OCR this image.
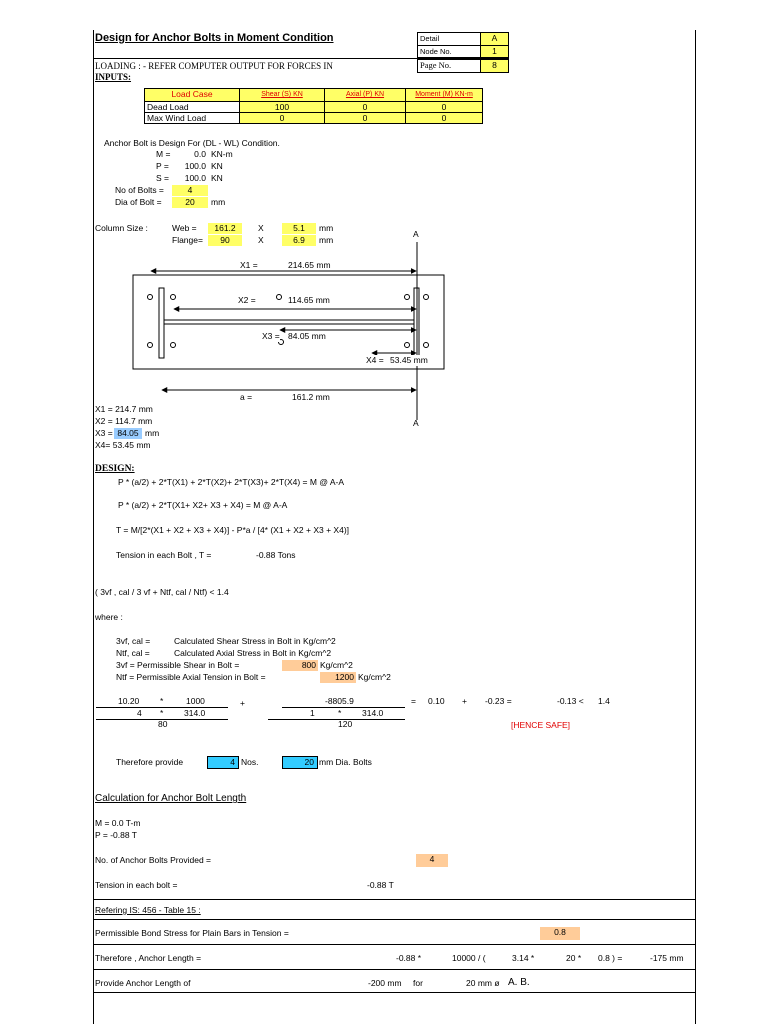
Design for Anchor Bolts in Moment Condition	Detail	A
Node No.	1
Page No.	8
LOADING : - REFER COMPUTER OUTPUT FOR FORCES IN
INPUTS:
Load Case	Shear (S) KN	Axial (P) KN	Moment (M) KN-m
Dead Load	100	0	0
Max Wind Load	0	0	0
Anchor Bolt is Design For (DL - WL) Condition.
M =	0.0 KN-m
P =	100.0 KN
S =	100.0 KN
No of Bolts =	4
Dia of Bolt =	20	mm
Column Size :	Web =	161.2	X	5.1	mm
Flange=	90	X	6.9	mm
A
X1 =	214.65 mm
X2 =	114.65 mm
X3 = 84.05 mm
X4 = 53.45 mm
a =	161.2 mm
A
X1 = 214.7 mm
X2 = 114.7 mm
X3 = 84.05 mm
X4= 53.45 mm
DESIGN:
P * (a/2) + 2*T(X1) + 2*T(X2)+ 2*T(X3)+ 2*T(X4) = M @ A-A
P * (a/2) + 2*T(X1+ X2+ X3 + X4) = M @ A-A
T = M/[2*(X1 + X2 + X3 + X4)] - P*a / [4* (X1 + X2 + X3 + X4)]
Tension in each Bolt , T =	-0.88 Tons
( 3vf , cal / 3 vf + Ntf, cal / Ntf) < 1.4
where :
3vf, cal =	Calculated Shear Stress in Bolt in Kg/cm^2
Ntf, cal =	Calculated Axial Stress in Bolt in Kg/cm^2
3vf = Permissible Shear in Bolt =	800 Kg/cm^2
Ntf = Permissible Axial Tension in Bolt =	1200 Kg/cm^2
10.20 *	1000
4 * 314.0
80
+	-8805.9
1	* 314.0
120
= 0.10 + -0.23 =	-0.13 < 1.4
[HENCE SAFE]
Therefore provide	4 Nos.	20 mm Dia. Bolts
Calculation for Anchor Bolt Length
M = 0.0 T-m
P = -0.88 T
No. of Anchor Bolts Provided =	4
Tension in each bolt =	-0.88 T
Refering IS: 456 - Table 15 :
Permissible Bond Stress for Plain Bars in Tension =	0.8
Therefore , Anchor Length =	-0.88 *	10000 / (	3.14 *	20 * 0.8 ) =	-175 mm
Provide Anchor Length of	-200 mm for	20 mm ø A. B.
